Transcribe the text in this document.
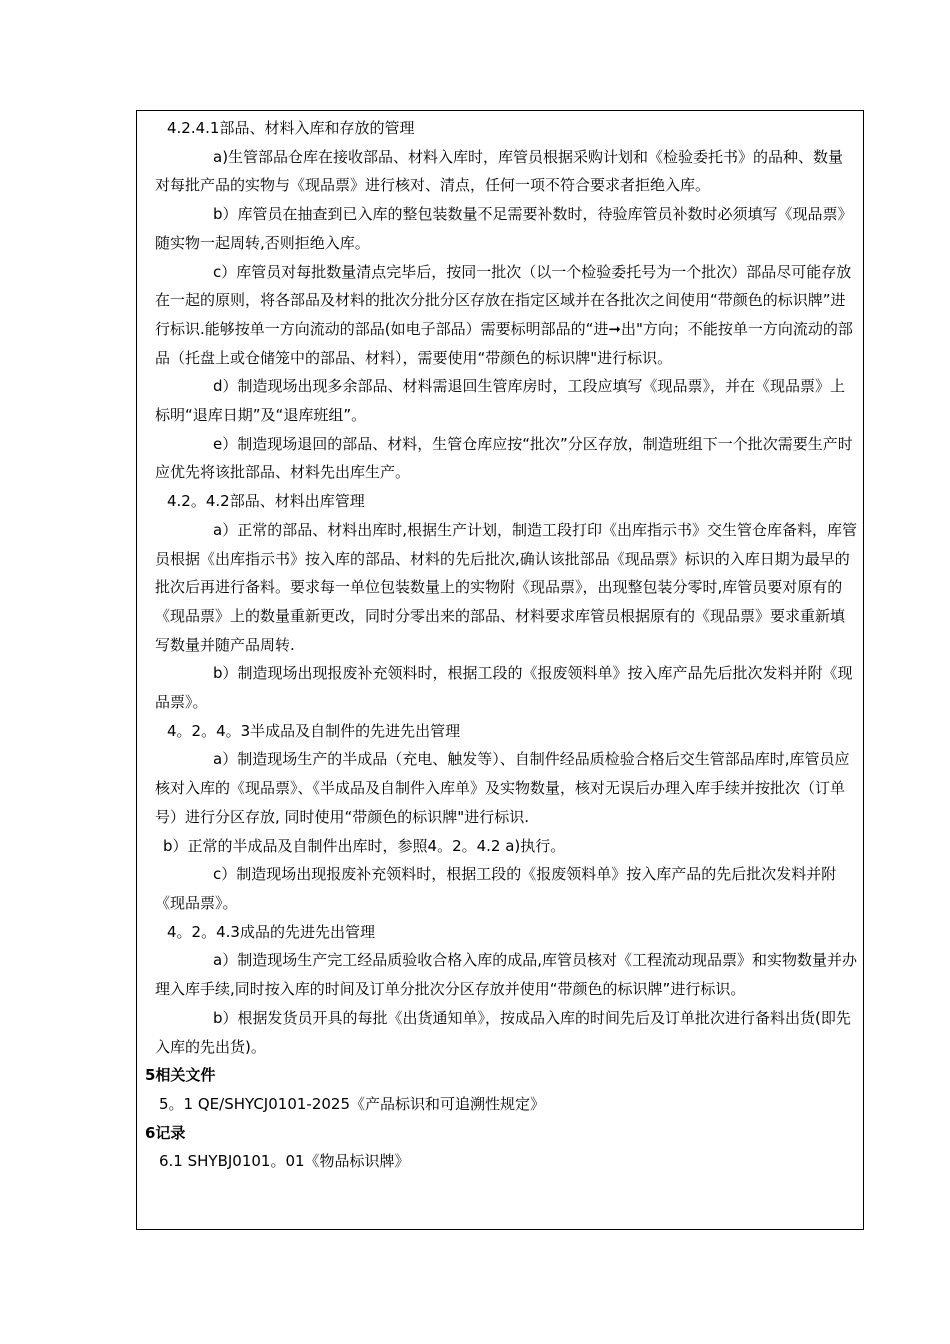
4.2.4.1部品、材料入库和存放的管理

a)生管部品仓库在接收部品、材料入库时，库管员根据采购计划和《检验委托书》的品种、数量对每批产品的实物与《现品票》进行核对、清点，任何一项不符合要求者拒绝入库。

b）库管员在抽查到已入库的整包装数量不足需要补数时，待验库管员补数时必须填写《现品票》随实物一起周转,否则拒绝入库。

c）库管员对每批数量清点完毕后，按同一批次（以一个检验委托号为一个批次）部品尽可能存放在一起的原则，将各部品及材料的批次分批分区存放在指定区域并在各批次之间使用“带颜色的标识牌”进行标识.能够按单一方向流动的部品(如电子部品）需要标明部品的“进➞出"方向；不能按单一方向流动的部品（托盘上或仓储笼中的部品、材料），需要使用“带颜色的标识牌"进行标识。

d）制造现场出现多余部品、材料需退回生管库房时，工段应填写《现品票》，并在《现品票》上标明“退库日期”及“退库班组”。

e）制造现场退回的部品、材料，生管仓库应按“批次”分区存放，制造班组下一个批次需要生产时应优先将该批部品、材料先出库生产。

4.2。4.2部品、材料出库管理

a）正常的部品、材料出库时,根据生产计划，制造工段打印《出库指示书》交生管仓库备料，库管员根据《出库指示书》按入库的部品、材料的先后批次,确认该批部品《现品票》标识的入库日期为最早的批次后再进行备料。要求每一单位包装数量上的实物附《现品票》，出现整包装分零时,库管员要对原有的《现品票》上的数量重新更改，同时分零出来的部品、材料要求库管员根据原有的《现品票》要求重新填写数量并随产品周转.

b）制造现场出现报废补充领料时，根据工段的《报废领料单》按入库产品先后批次发料并附《现品票》。

4。2。4。3半成品及自制件的先进先出管理

a）制造现场生产的半成品（充电、触发等）、自制件经品质检验合格后交生管部品库时,库管员应核对入库的《现品票》、《半成品及自制件入库单》及实物数量，核对无误后办理入库手续并按批次（订单号）进行分区存放, 同时使用“带颜色的标识牌"进行标识.

b）正常的半成品及自制件出库时，参照4。2。4.2 a)执行。

c）制造现场出现报废补充领料时，根据工段的《报废领料单》按入库产品的先后批次发料并附《现品票》。

4。2。4.3成品的先进先出管理

a）制造现场生产完工经品质验收合格入库的成品,库管员核对《工程流动现品票》和实物数量并办理入库手续,同时按入库的时间及订单分批次分区存放并使用“带颜色的标识牌”进行标识。

b）根据发货员开具的每批《出货通知单》，按成品入库的时间先后及订单批次进行备料出货(即先入库的先出货)。

5相关文件

5。1 QE/SHYCJ0101-2025《产品标识和可追溯性规定》

6记录

6.1 SHYBJ0101。01《物品标识牌》
